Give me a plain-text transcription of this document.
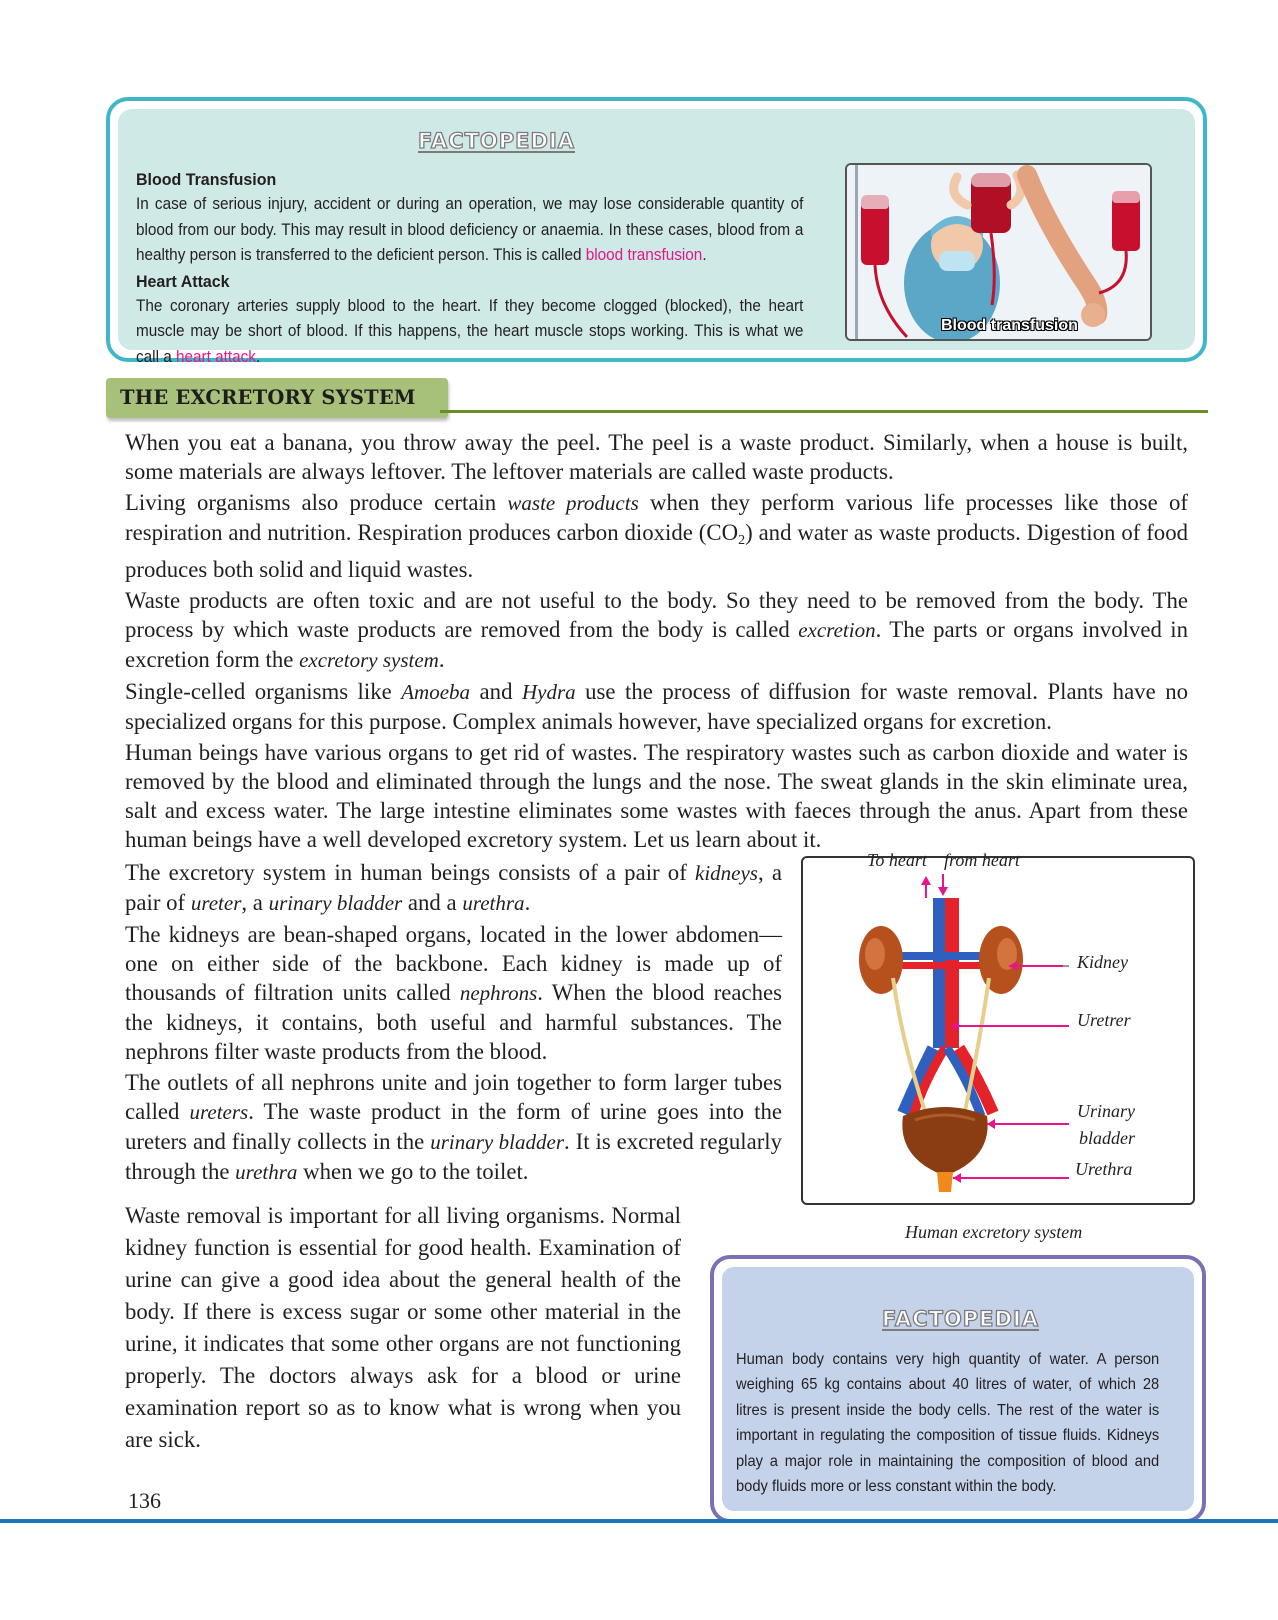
FACTOPEDIA
Blood Transfusion

In case of serious injury, accident or during an operation, we may lose considerable quantity of blood from our body. This may result in blood deficiency or anaemia. In these cases, blood from a healthy person is transferred to the deficient person. This is called blood transfusion.

Heart Attack

The coronary arteries supply blood to the heart. If they become clogged (blocked), the heart muscle may be short of blood. If this happens, the heart muscle stops working. This is what we call a heart attack.

Blood transfusion
THE EXCRETORY SYSTEM

When you eat a banana, you throw away the peel. The peel is a waste product. Similarly, when a house is built, some materials are always leftover. The leftover materials are called waste products.

Living organisms also produce certain waste products when they perform various life processes like those of respiration and nutrition. Respiration produces carbon dioxide (CO2) and water as waste products. Digestion of food produces both solid and liquid wastes.

Waste products are often toxic and are not useful to the body. So they need to be removed from the body. The process by which waste products are removed from the body is called excretion. The parts or organs involved in excretion form the excretory system.

Single-celled organisms like Amoeba and Hydra use the process of diffusion for waste removal. Plants have no specialized organs for this purpose. Complex animals however, have specialized organs for excretion.

Human beings have various organs to get rid of wastes. The respiratory wastes such as carbon dioxide and water is removed by the blood and eliminated through the lungs and the nose. The sweat glands in the skin eliminate urea, salt and excess water. The large intestine eliminates some wastes with faeces through the anus. Apart from these human beings have a well developed excretory system. Let us learn about it.

The excretory system in human beings consists of a pair of kidneys, a pair of ureter, a urinary bladder and a urethra.

The kidneys are bean-shaped organs, located in the lower abdomen—one on either side of the backbone. Each kidney is made up of thousands of filtration units called nephrons. When the blood reaches the kidneys, it contains, both useful and harmful substances. The nephrons filter waste products from the blood.

The outlets of all nephrons unite and join together to form larger tubes called ureters. The waste product in the form of urine goes into the ureters and finally collects in the urinary bladder. It is excreted regularly through the urethra when we go to the toilet.

Waste removal is important for all living organisms. Normal kidney function is essential for good health. Examination of urine can give a good idea about the general health of the body. If there is excess sugar or some other material in the urine, it indicates that some other organs are not functioning properly. The doctors always ask for a blood or urine examination report so as to know what is wrong when you are sick.
To heart from heart
Kidney
Uretrer
Urinary
bladder
Urethra
Human excretory system
FACTOPEDIA
Human body contains very high quantity of water. A person weighing 65 kg contains about 40 litres of water, of which 28 litres is present inside the body cells. The rest of the water is important in regulating the composition of tissue fluids. Kidneys play a major role in maintaining the composition of blood and body fluids more or less constant within the body.
136
